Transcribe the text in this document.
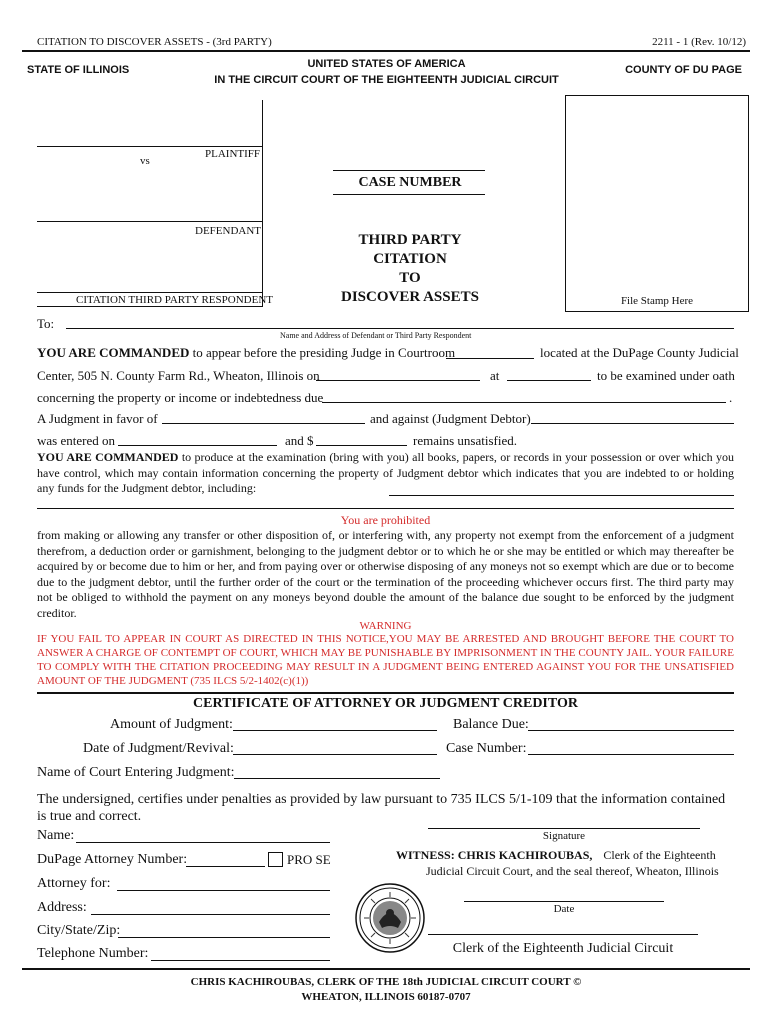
CITATION TO DISCOVER ASSETS - (3rd PARTY)	2211 - 1 (Rev. 10/12)
STATE OF ILLINOIS	UNITED STATES OF AMERICA
IN THE CIRCUIT COURT OF THE EIGHTEENTH JUDICIAL CIRCUIT
COUNTY OF DU PAGE
PLAINTIFF
vs
DEFENDANT
CITATION THIRD PARTY RESPONDENT
CASE NUMBER
THIRD PARTY
CITATION
TO
DISCOVER ASSETS	File Stamp Here
To:
Name and Address of Defendant or Third Party Respondent
YOU ARE COMMANDED to appear before the presiding Judge in Courtroom	located at the DuPage County Judicial
Center, 505 N. County Farm Rd., Wheaton, Illinois on	at	to be examined under oath
concerning the property or income or indebtedness due	.
A Judgment in favor of	and against (Judgment Debtor)
was entered on	and $	remains unsatisfied.
YOU ARE COMMANDED to produce at the examination (bring with you) all books, papers, or records in your possession or over which you have control, which may contain information concerning the property of Judgment debtor which indicates that you are indebted to or holding any funds for the Judgment debtor, including:
You are prohibited
from making or allowing any transfer or other disposition of, or interfering with, any property not exempt from the enforcement of a judgment therefrom, a deduction order or garnishment, belonging to the judgment debtor or to which he or she may be entitled or which may thereafter be acquired by or become due to him or her, and from paying over or otherwise disposing of any moneys not so exempt which are due or to become due to the judgment debtor, until the further order of the court or the termination of the proceeding whichever occurs first. The third party may not be obliged to withhold the payment on any moneys beyond double the amount of the balance due sought to be enforced by the judgment creditor.
WARNING
IF YOU FAIL TO APPEAR IN COURT AS DIRECTED IN THIS NOTICE,YOU MAY BE ARRESTED AND BROUGHT BEFORE THE COURT TO ANSWER A CHARGE OF CONTEMPT OF COURT, WHICH MAY BE PUNISHABLE BY IMPRISONMENT IN THE COUNTY JAIL. YOUR FAILURE TO COMPLY WITH THE CITATION PROCEEDING MAY RESULT IN A JUDGMENT BEING ENTERED AGAINST YOU FOR THE UNSATISFIED AMOUNT OF THE JUDGMENT (735 ILCS 5/2-1402(c)(1))
CERTIFICATE OF ATTORNEY OR JUDGMENT CREDITOR
Amount of Judgment:	Balance Due:
Date of Judgment/Revival:	Case Number:
Name of Court Entering Judgment:
The undersigned, certifies under penalties as provided by law pursuant to 735 ILCS 5/1-109 that the information contained is true and correct.
Name:
DuPage Attorney Number:	PRO SE
Attorney for:
Address:
City/State/Zip:
Telephone Number:
Signature
WITNESS: CHRIS KACHIROUBAS, Clerk of the Eighteenth
Judicial Circuit Court, and the seal thereof, Wheaton, Illinois
Date
Clerk of the Eighteenth Judicial Circuit
CHRIS KACHIROUBAS, CLERK OF THE 18th JUDICIAL CIRCUIT COURT ©
WHEATON, ILLINOIS 60187-0707
